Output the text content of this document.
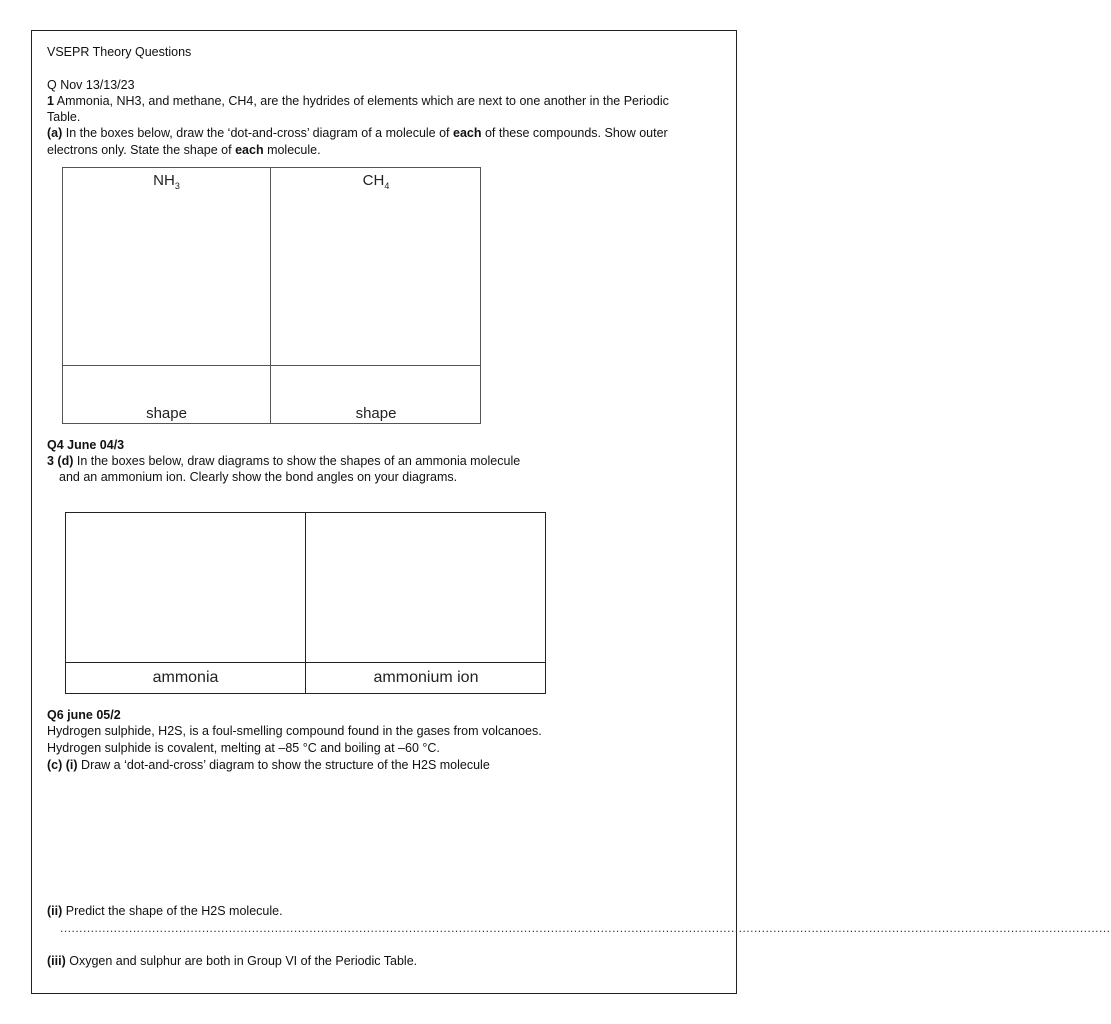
VSEPR Theory Questions
Q Nov 13/13/23
1 Ammonia, NH3, and methane, CH4, are the hydrides of elements which are next to one another in the Periodic
Table.
(a) In the boxes below, draw the ‘dot-and-cross’ diagram of a molecule of each of these compounds. Show outer
electrons only. State the shape of each molecule.
$NH_3$	$CH_4$
shape	shape
Q4 June 04/3
3 (d) In the boxes below, draw diagrams to show the shapes of an ammonia molecule
and an ammonium ion. Clearly show the bond angles on your diagrams.
ammonia	ammonium ion
Q6 june 05/2
Hydrogen sulphide, H2S, is a foul-smelling compound found in the gases from volcanoes.
Hydrogen sulphide is covalent, melting at –85 °C and boiling at –60 °C.
(c) (i) Draw a ‘dot-and-cross’ diagram to show the structure of the H2S molecule
(ii) Predict the shape of the H2S molecule.
..................................................................................................................................................................................................................................................................................
(iii) Oxygen and sulphur are both in Group VI of the Periodic Table.
